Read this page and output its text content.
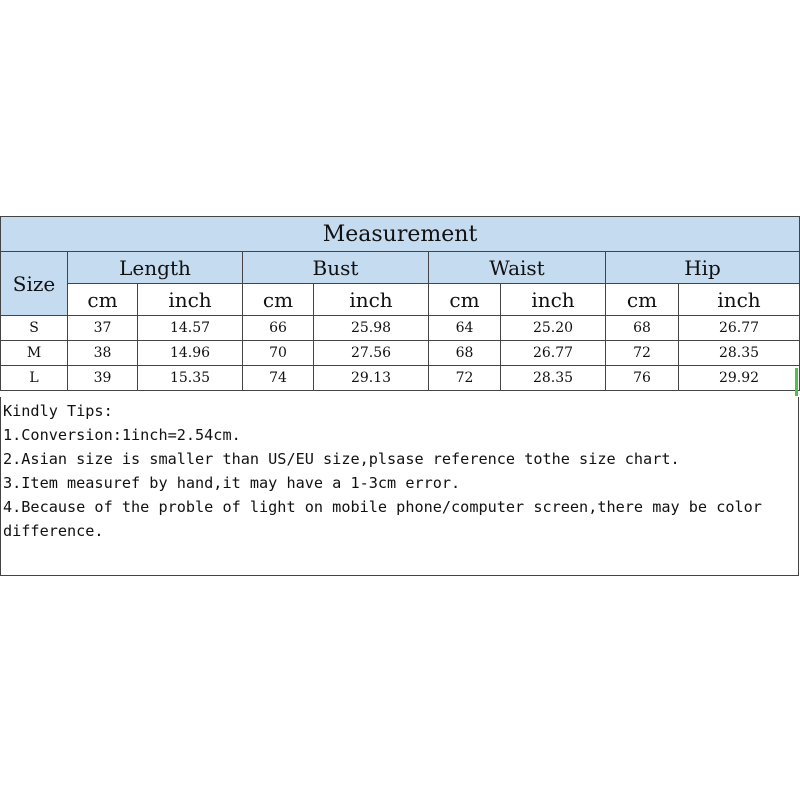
Measurement								
Size	Length		Bust		Waist		Hip	
	cm	inch	cm	inch	cm	inch	cm	inch
S	37	14.57	66	25.98	64	25.20	68	26.77
M	38	14.96	70	27.56	68	26.77	72	28.35
L	39	15.35	74	29.13	72	28.35	76	29.92
Kindly Tips:
1.Conversion:1inch=2.54cm.
2.Asian size is smaller than US/EU size,plsase reference tothe size chart.
3.Item measuref by hand,it may have a 1-3cm error.
4.Because of the proble of light on mobile phone/computer screen,there may be color difference.
